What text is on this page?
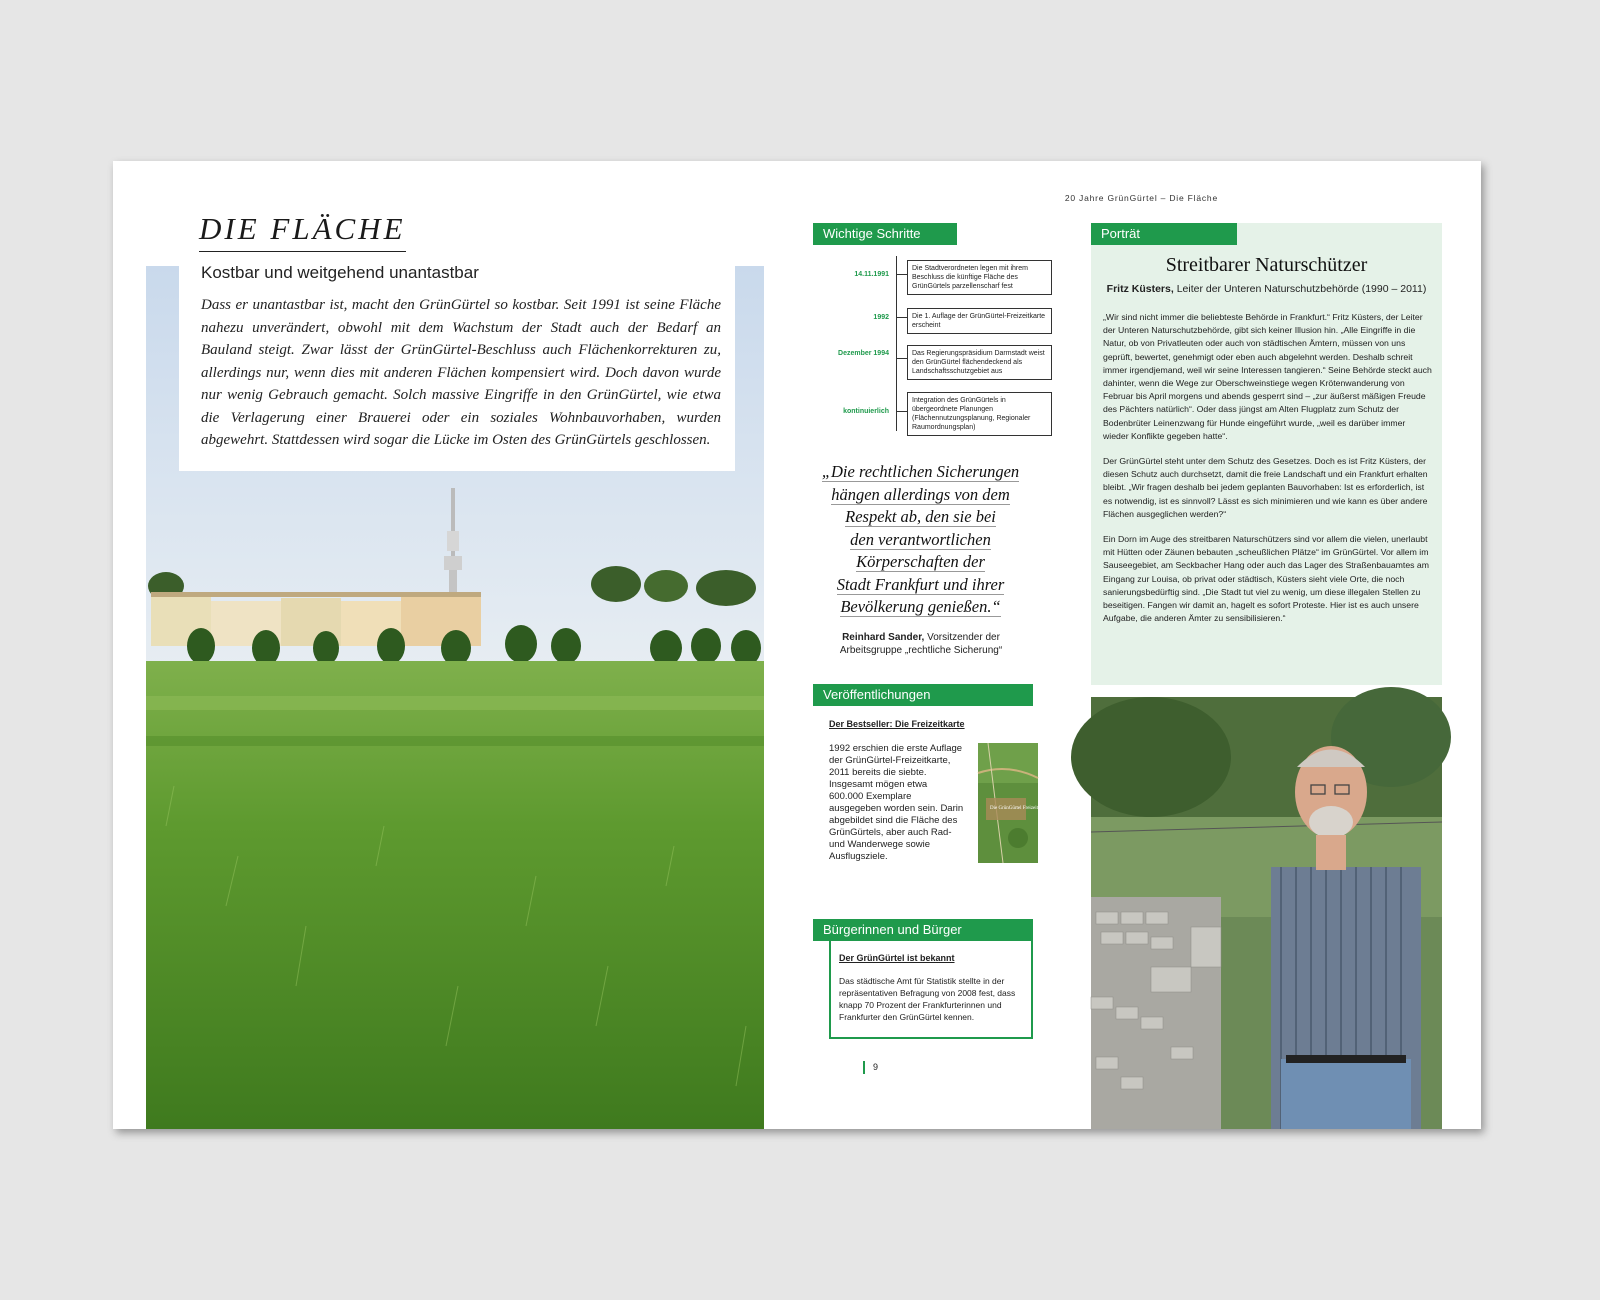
DIE FLÄCHE
Kostbar und weitgehend unantastbar
Dass er unantastbar ist, macht den GrünGürtel so kostbar. Seit 1991 ist seine Fläche nahezu unverändert, obwohl mit dem Wachstum der Stadt auch der Bedarf an Bauland steigt. Zwar lässt der GrünGürtel-Beschluss auch Flächenkorrekturen zu, allerdings nur, wenn dies mit anderen Flächen kompensiert wird. Doch davon wurde nur wenig Gebrauch gemacht. Solch massive Eingriffe in den GrünGürtel, wie etwa die Verlagerung einer Brauerei oder ein soziales Wohnbauvorhaben, wurden abgewehrt. Stattdessen wird sogar die Lücke im Osten des GrünGürtels geschlossen.
20 Jahre GrünGürtel – Die Fläche
Wichtige Schritte
14.11.1991
Die Stadtverordneten legen mit ihrem Beschluss die künftige Fläche des GrünGürtels parzellenscharf fest
1992	Die 1. Auflage der GrünGürtel-Freizeitkarte erscheint
Dezember 1994	Das Regierungspräsidium Darmstadt weist den GrünGürtel flächendeckend als Landschaftsschutzgebiet aus
kontinuierlich
Integration des GrünGürtels in übergeordnete Planungen (Flächennutzungsplanung, Regionaler Raumordnungsplan)
„Die rechtlichen Sicherungen
hängen allerdings von dem
Respekt ab, den sie bei
den verantwortlichen
Körperschaften der
Stadt Frankfurt und ihrer
Bevölkerung genießen.“
Reinhard Sander, Vorsitzender der Arbeitsgruppe „rechtliche Sicherung“
Veröffentlichungen
Der Bestseller: Die Freizeitkarte
1992 erschien die erste Auflage der GrünGürtel-Freizeitkarte, 2011 bereits die siebte. Insgesamt mögen etwa 600.000 Exemplare ausgegeben worden sein. Darin abgebildet sind die Fläche des GrünGürtels, aber auch Rad- und Wanderwege sowie Ausflugsziele.
Die GrünGürtel Freizeitkarte
Bürgerinnen und Bürger
Der GrünGürtel ist bekannt
Das städtische Amt für Statistik stellte in der repräsentativen Befragung von 2008 fest, dass knapp 70 Prozent der Frankfurterinnen und Frankfurter den GrünGürtel kennen.
9
Porträt
Streitbarer Naturschützer
Fritz Küsters, Leiter der Unteren Naturschutzbehörde (1990 – 2011)

„Wir sind nicht immer die beliebteste Behörde in Frankfurt.“ Fritz Küsters, der Leiter der Unteren Naturschutzbehörde, gibt sich keiner Illusion hin. „Alle Eingriffe in die Natur, ob von Privatleuten oder auch von städtischen Ämtern, müssen von uns geprüft, bewertet, genehmigt oder eben auch abgelehnt werden. Deshalb schreit immer irgendjemand, weil wir seine Interessen tangieren.“ Seine Behörde steckt auch dahinter, wenn die Wege zur Oberschweinstiege wegen Krötenwanderung von Februar bis April morgens und abends gesperrt sind – „zur äußerst mäßigen Freude des Pächters natürlich“. Oder dass jüngst am Alten Flugplatz zum Schutz der Bodenbrüter Leinenzwang für Hunde eingeführt wurde, „weil es darüber immer wieder Konflikte gegeben hatte“.

Der GrünGürtel steht unter dem Schutz des Gesetzes. Doch es ist Fritz Küsters, der diesen Schutz auch durchsetzt, damit die freie Landschaft und ein Frankfurt erhalten bleibt. „Wir fragen deshalb bei jedem geplanten Bauvorhaben: Ist es erforderlich, ist es notwendig, ist es sinnvoll? Lässt es sich minimieren und wie kann es über andere Flächen ausgeglichen werden?“

Ein Dorn im Auge des streitbaren Naturschützers sind vor allem die vielen, unerlaubt mit Hütten oder Zäunen bebauten „scheußlichen Plätze“ im GrünGürtel. Vor allem im Sauseegebiet, am Seckbacher Hang oder auch das Lager des Straßenbauamtes am Eingang zur Louisa, ob privat oder städtisch, Küsters sieht viele Orte, die noch sanierungsbedürftig sind. „Die Stadt tut viel zu wenig, um diese illegalen Stellen zu beseitigen. Fangen wir damit an, hagelt es sofort Proteste. Hier ist es auch unsere Aufgabe, die anderen Ämter zu sensibilisieren.“
